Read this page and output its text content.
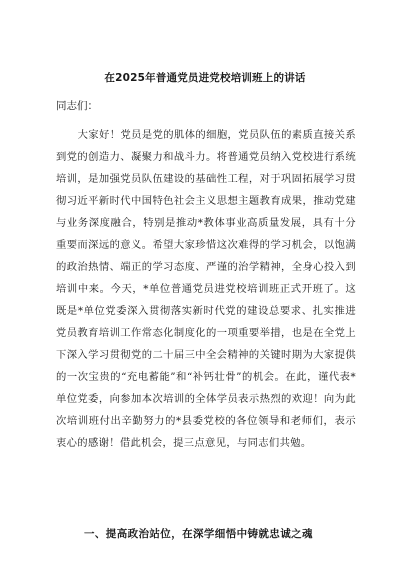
在2025年普通党员进党校培训班上的讲话
同志们：

大家好！党员是党的肌体的细胞，党员队伍的素质直接关系到党的创造力、凝聚力和战斗力。将普通党员纳入党校进行系统培训，是加强党员队伍建设的基础性工程，对于巩固拓展学习贯彻习近平新时代中国特色社会主义思想主题教育成果，推动党建与业务深度融合，特别是推动*教体事业高质量发展，具有十分重要而深远的意义。希望大家珍惜这次难得的学习机会，以饱满的政治热情、端正的学习态度、严谨的治学精神，全身心投入到培训中来。今天，*单位普通党员进党校培训班正式开班了。这既是*单位党委深入贯彻落实新时代党的建设总要求、扎实推进党员教育培训工作常态化制度化的一项重要举措，也是在全党上下深入学习贯彻党的二十届三中全会精神的关键时期为大家提供的一次宝贵的“充电蓄能”和“补钙壮骨”的机会。在此，谨代表*单位党委，向参加本次培训的全体学员表示热烈的欢迎！向为此次培训班付出辛勤努力的*县委党校的各位领导和老师们，表示衷心的感谢！借此机会，提三点意见，与同志们共勉。

一、提高政治站位，在深学细悟中铸就忠诚之魂
